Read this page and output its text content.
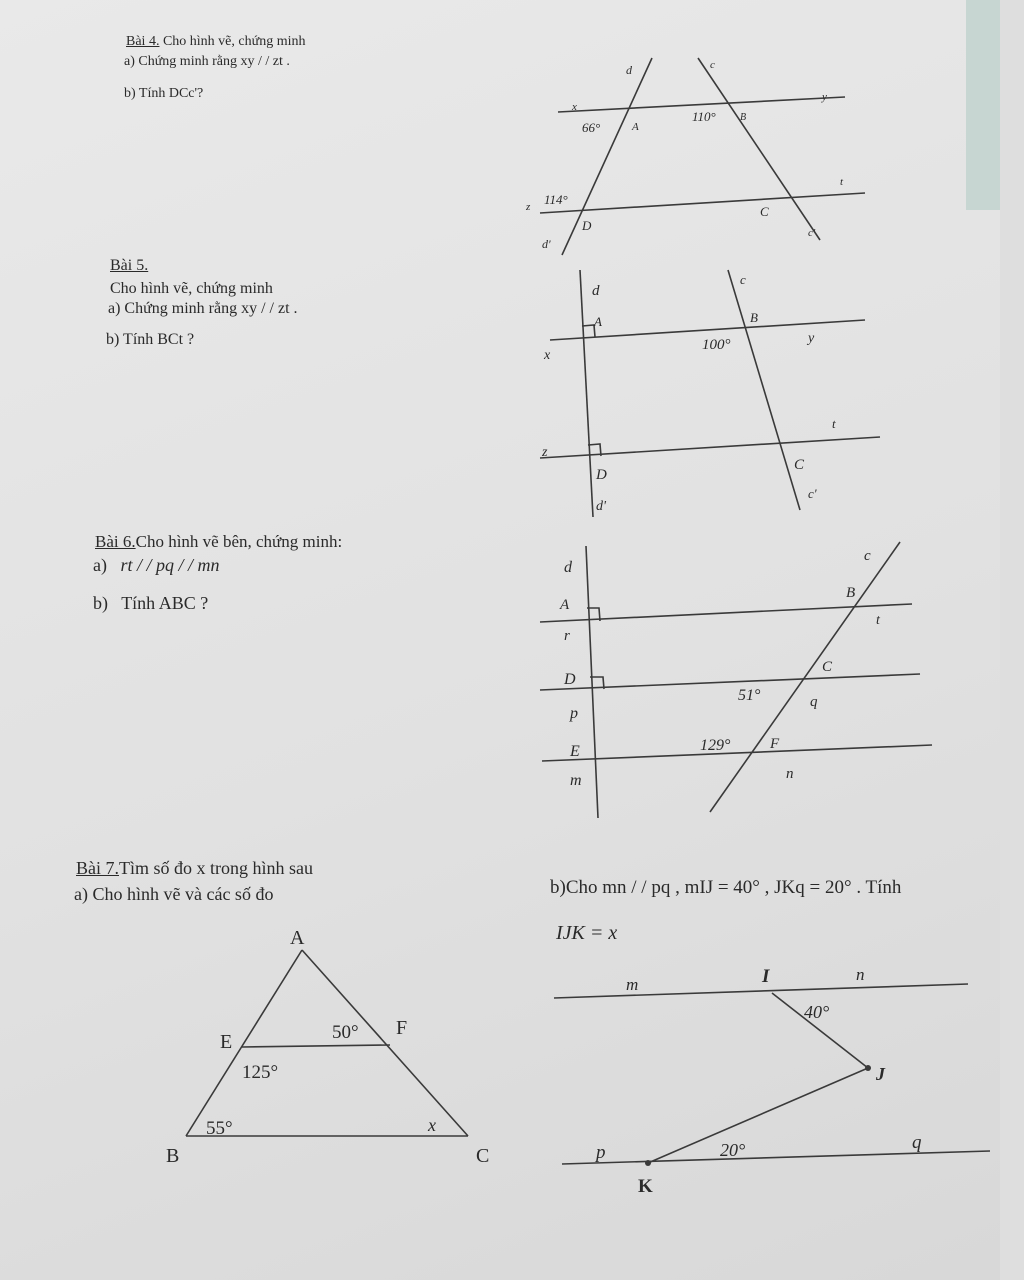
Bài 4. Cho hình vẽ, chứng minh
a) Chứng minh rằng xy / / zt .
b) Tính DCc'?
d	c
x
y
66°	A
110° B
t
z 114°
D
C
d'
c'
Bài 5.
Cho hình vẽ, chứng minh
a) Chứng minh rằng xy / / zt .
b) Tính BCt ?
d
c
A	B
x
y
100°
t
z
C
D
d'
c'
Bài 6.Cho hình vẽ bên, chứng minh:
a) rt / / pq / / mn
b) Tính ABC ?
d
c
A
B
t
r
C
D
51°	q
p
E	129°	F
m	n
Bài 7.Tìm số đo x trong hình sau
a) Cho hình vẽ và các số đo	b)Cho mn / / pq , mIJ = 40° , JKq = 20° . Tính
IJK = x
A
E	50° F
125°
55°	x
B	C
m	I	n
40°
J
p	20°	q
K
